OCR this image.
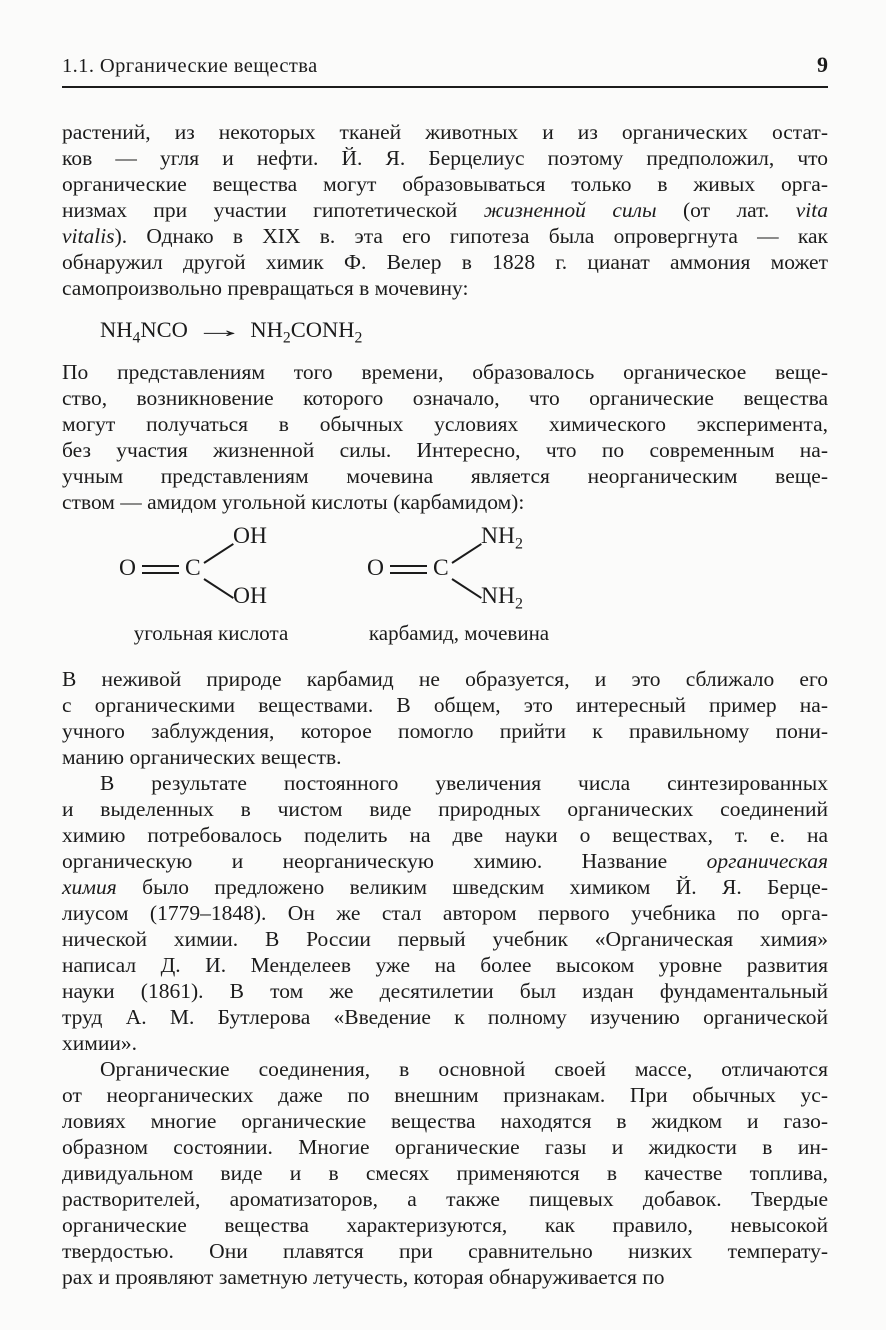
1.1. Органические вещества	9
растений, из некоторых тканей животных и из органических остат-
ков — угля и нефти. Й. Я. Берцелиус поэтому предположил, что
органические вещества могут образовываться только в живых орга-
низмах при участии гипотетической жизненной силы (от лат. vita
vitalis). Однако в XIX в. эта его гипотеза была опровергнута — как
обнаружил другой химик Ф. Велер в 1828 г. цианат аммония может
самопроизвольно превращаться в мочевину:
$NH_4NCO$ → $NH_2CONH_2$
По представлениям того времени, образовалось органическое веще-
ство, возникновение которого означало, что органические вещества
могут получаться в обычных условиях химического эксперимента,
без участия жизненной силы. Интересно, что по современным на-
учным представлениям мочевина является неорганическим веще-
ством — амидом угольной кислоты (карбамидом):
O C
OH
OH
угольная кислота
O C
$NH_2$
$NH_2$
карбамид, мочевина
В неживой природе карбамид не образуется, и это сближало его
с органическими веществами. В общем, это интересный пример на-
учного заблуждения, которое помогло прийти к правильному пони-
манию органических веществ.
В результате постоянного увеличения числа синтезированных
и выделенных в чистом виде природных органических соединений
химию потребовалось поделить на две науки о веществах, т. е. на
органическую и неорганическую химию. Название органическая
химия было предложено великим шведским химиком Й. Я. Берце-
лиусом (1779–1848). Он же стал автором первого учебника по орга-
нической химии. В России первый учебник «Органическая химия»
написал Д. И. Менделеев уже на более высоком уровне развития
науки (1861). В том же десятилетии был издан фундаментальный
труд А. М. Бутлерова «Введение к полному изучению органической
химии».
Органические соединения, в основной своей массе, отличаются
от неорганических даже по внешним признакам. При обычных ус-
ловиях многие органические вещества находятся в жидком и газо-
образном состоянии. Многие органические газы и жидкости в ин-
дивидуальном виде и в смесях применяются в качестве топлива,
растворителей, ароматизаторов, а также пищевых добавок. Твердые
органические вещества характеризуются, как правило, невысокой
твердостью. Они плавятся при сравнительно низких температу-
рах и проявляют заметную летучесть, которая обнаруживается по
